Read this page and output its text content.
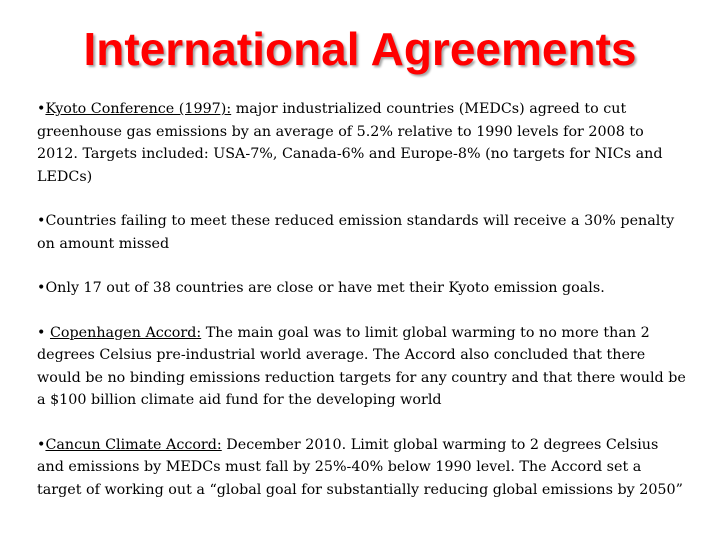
International Agreements

•Kyoto Conference (1997): major industrialized countries (MEDCs) agreed to cut greenhouse gas emissions by an average of 5.2% relative to 1990 levels for 2008 to 2012. Targets included: USA-7%, Canada-6% and Europe-8% (no targets for NICs and LEDCs)

•Countries failing to meet these reduced emission standards will receive a 30% penalty on amount missed

•Only 17 out of 38 countries are close or have met their Kyoto emission goals.

• Copenhagen Accord: The main goal was to limit global warming to no more than 2 degrees Celsius pre-industrial world average. The Accord also concluded that there would be no binding emissions reduction targets for any country and that there would be a $100 billion climate aid fund for the developing world

•Cancun Climate Accord: December 2010. Limit global warming to 2 degrees Celsius and emissions by MEDCs must fall by 25%-40% below 1990 level. The Accord set a target of working out a “global goal for substantially reducing global emissions by 2050”
